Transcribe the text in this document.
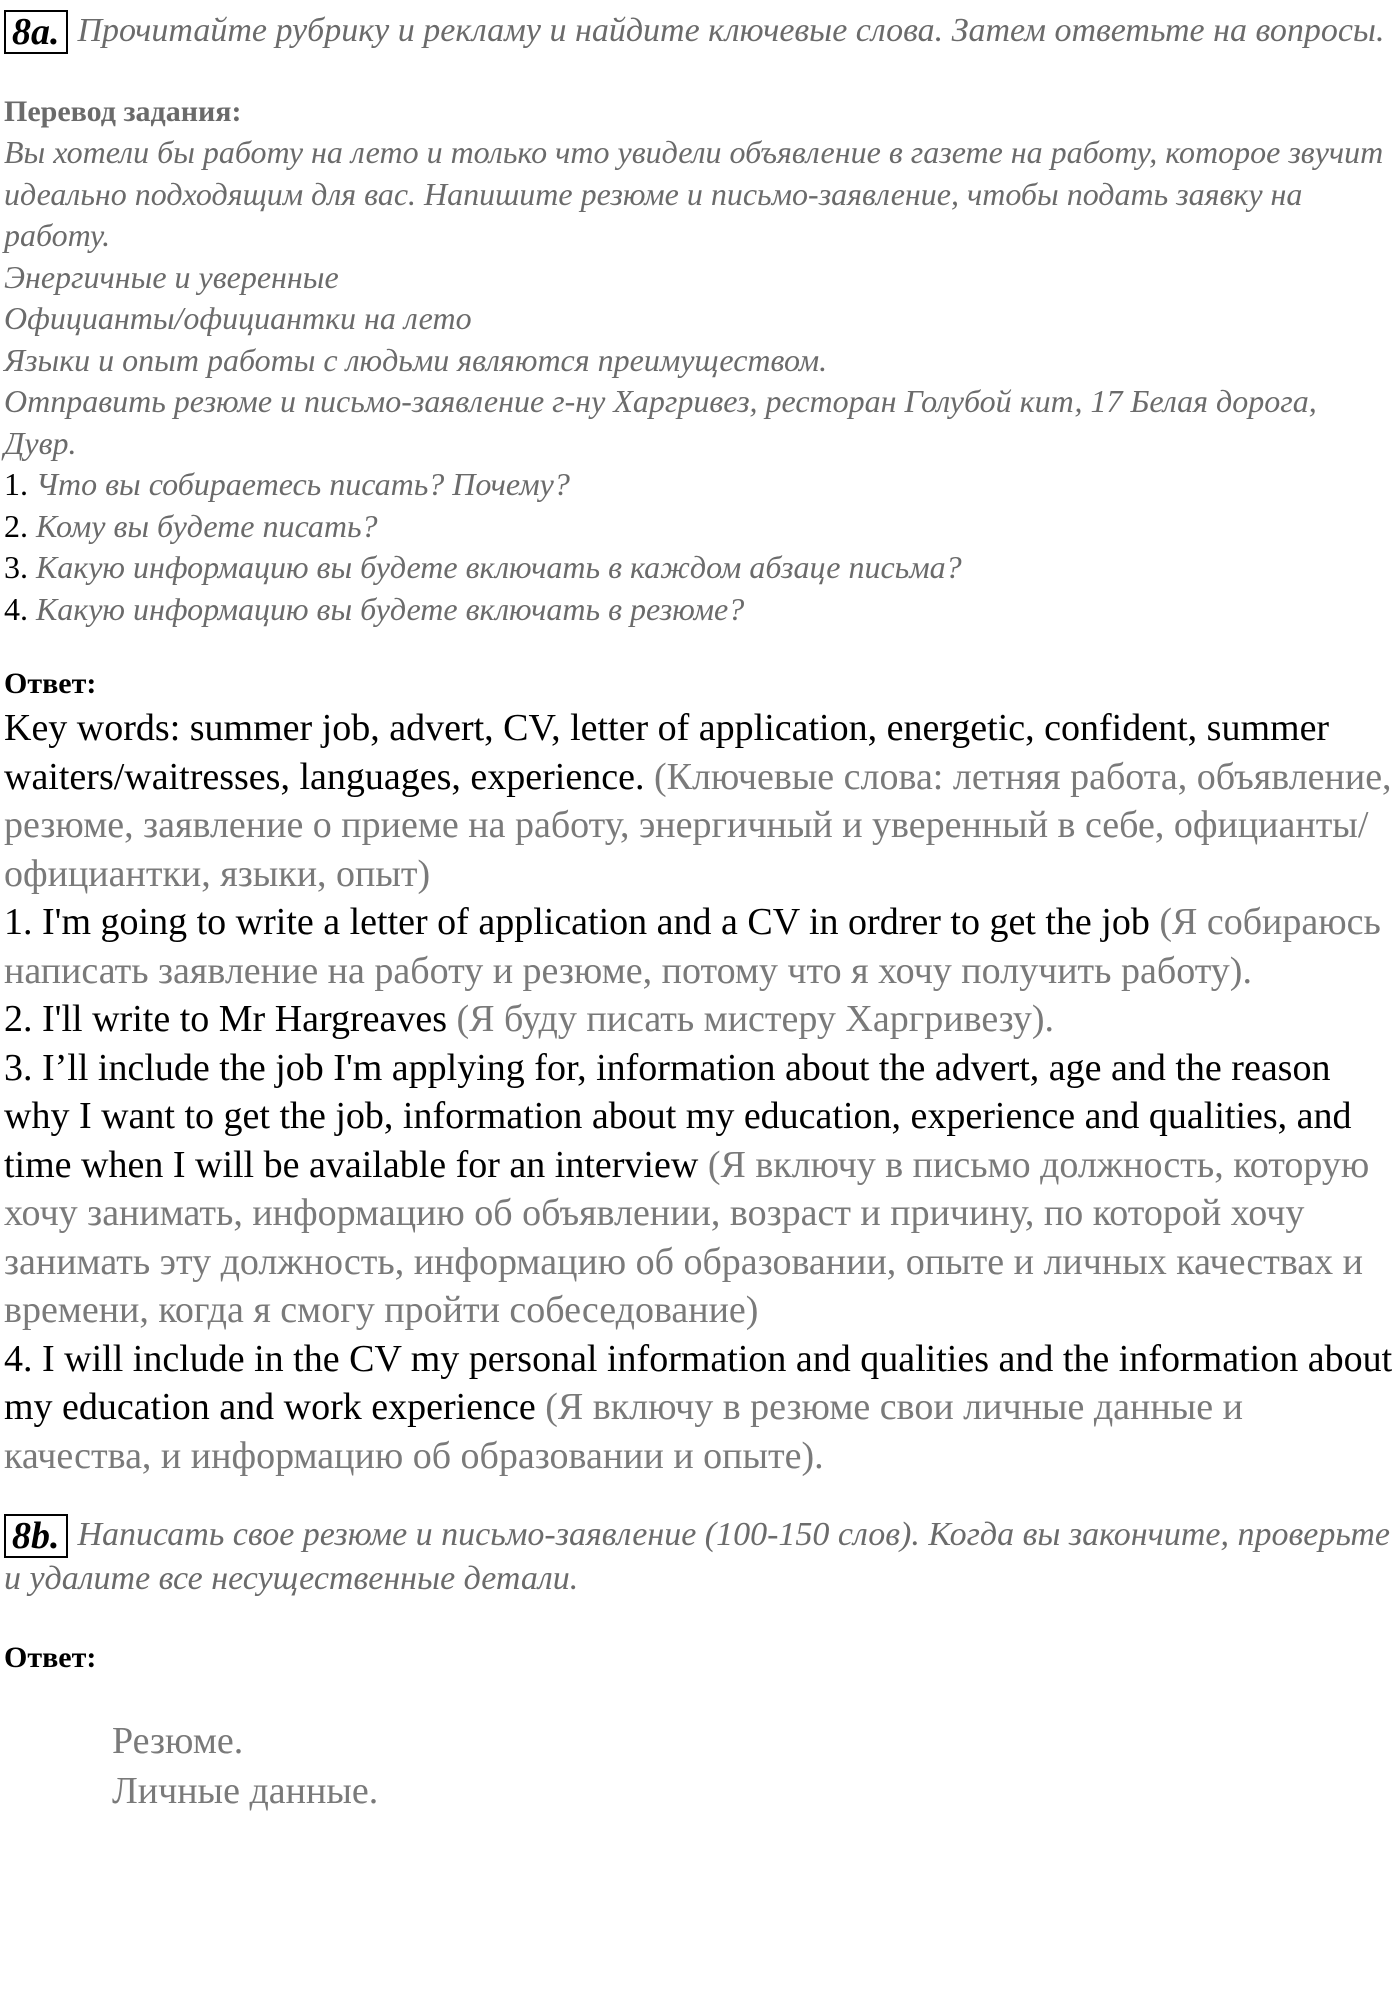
8a. Прочитайте рубрику и рекламу и найдите ключевые слова. Затем ответьте на вопросы.
Перевод задания:
Вы хотели бы работу на лето и только что увидели объявление в газете на работу, которое звучит идеально подходящим для вас. Напишите резюме и письмо-заявление, чтобы подать заявку на работу.
Энергичные и уверенные
Официанты/официантки на лето
Языки и опыт работы с людьми являются преимуществом.
Отправить резюме и письмо-заявление г-ну Харгривез, ресторан Голубой кит, 17 Белая дорога, Дувр.
1. Что вы собираетесь писать? Почему?
2. Кому вы будете писать?
3. Какую информацию вы будете включать в каждом абзаце письма?
4. Какую информацию вы будете включать в резюме?
Ответ:
Key words: summer job, advert, CV, letter of application, energetic, confident, summer waiters/waitresses, languages, experience. (Ключевые слова: летняя работа, объявление, резюме, заявление о приеме на работу, энергичный и уверенный в себе, официанты/официантки, языки, опыт)
1. I'm going to write a letter of application and a CV in ordrer to get the job (Я собираюсь написать заявление на работу и резюме, потому что я хочу получить работу).
2. I'll write to Mr Hargreaves (Я буду писать мистеру Харгривезу).
3. I’ll include the job I'm applying for, information about the advert, age and the reason why I want to get the job, information about my education, experience and qualities, and time when I will be available for an interview (Я включу в письмо должность, которую хочу занимать, информацию об объявлении, возраст и причину, по которой хочу занимать эту должность, информацию об образовании, опыте и личных качествах и времени, когда я смогу пройти собеседование)
4. I will include in the CV my personal information and qualities and the information about my education and work experience (Я включу в резюме свои личные данные и качества, и информацию об образовании и опыте).
8b. Написать свое резюме и письмо-заявление (100-150 слов). Когда вы закончите, проверьте и удалите все несущественные детали.
Ответ:
Резюме.
Личные данные.
